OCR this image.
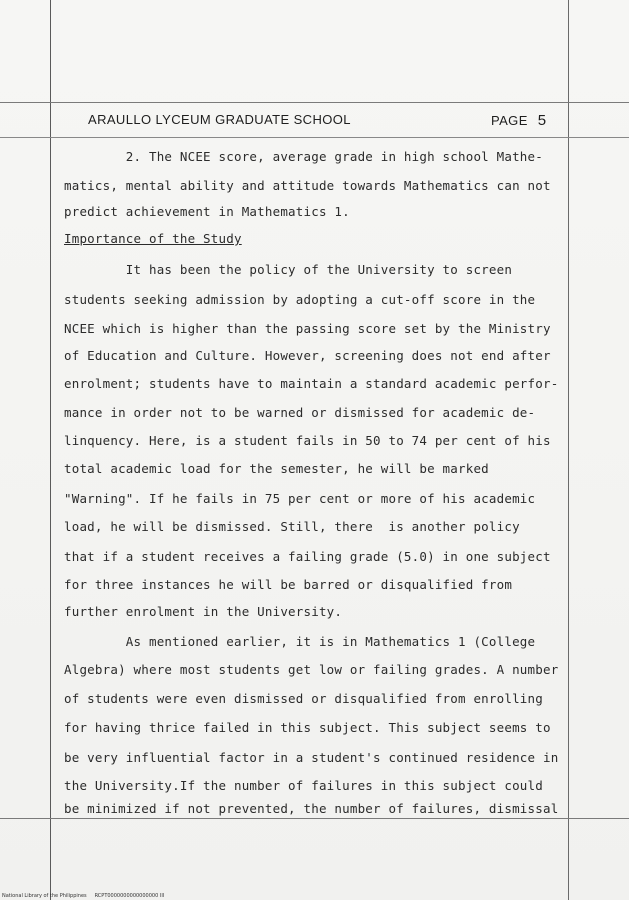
ARAULLO LYCEUM GRADUATE SCHOOL	PAGE 5
2. The NCEE score, average grade in high school Mathe-
matics, mental ability and attitude towards Mathematics can not
predict achievement in Mathematics 1.
Importance of the Study
It has been the policy of the University to screen
students seeking admission by adopting a cut-off score in the
NCEE which is higher than the passing score set by the Ministry
of Education and Culture. However, screening does not end after
enrolment; students have to maintain a standard academic perfor-
mance in order not to be warned or dismissed for academic de-
linquency. Here, is a student fails in 50 to 74 per cent of his
total academic load for the semester, he will be marked
"Warning". If he fails in 75 per cent or more of his academic
load, he will be dismissed. Still, there  is another policy
that if a student receives a failing grade (5.0) in one subject
for three instances he will be barred or disqualified from
further enrolment in the University.
As mentioned earlier, it is in Mathematics 1 (College
Algebra) where most students get low or failing grades. A number
of students were even dismissed or disqualified from enrolling
for having thrice failed in this subject. This subject seems to
be very influential factor in a student's continued residence in
the University.If the number of failures in this subject could
be minimized if not prevented, the number of failures, dismissal
National Library of the Philippines     RCPT0000000000000000 III
